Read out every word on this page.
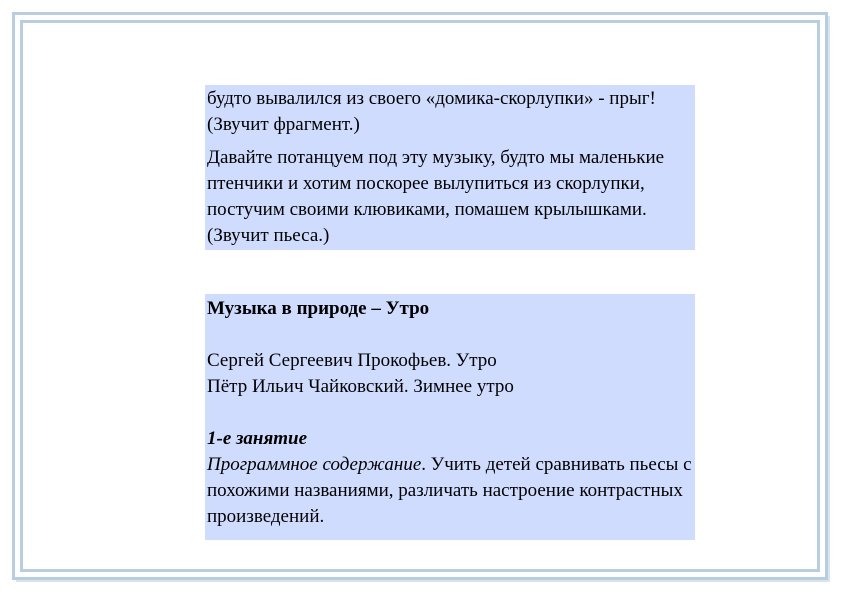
будто вывалился из своего «домика-скорлупки» - прыг! (Звучит фрагмент.)

Давайте потанцуем под эту музыку, будто мы маленькие птенчики и хотим поскорее вылупиться из скорлупки, постучим своими клювиками, помашем крылышками. (Звучит пьеса.)

Музыка в природе – Утро

Сергей Сергеевич Прокофьев. Утро

Пётр Ильич Чайковский. Зимнее утро

1-е занятие

Программное содержание. Учить детей сравнивать пьесы с похожими названиями, различать настроение контрастных произведений.
